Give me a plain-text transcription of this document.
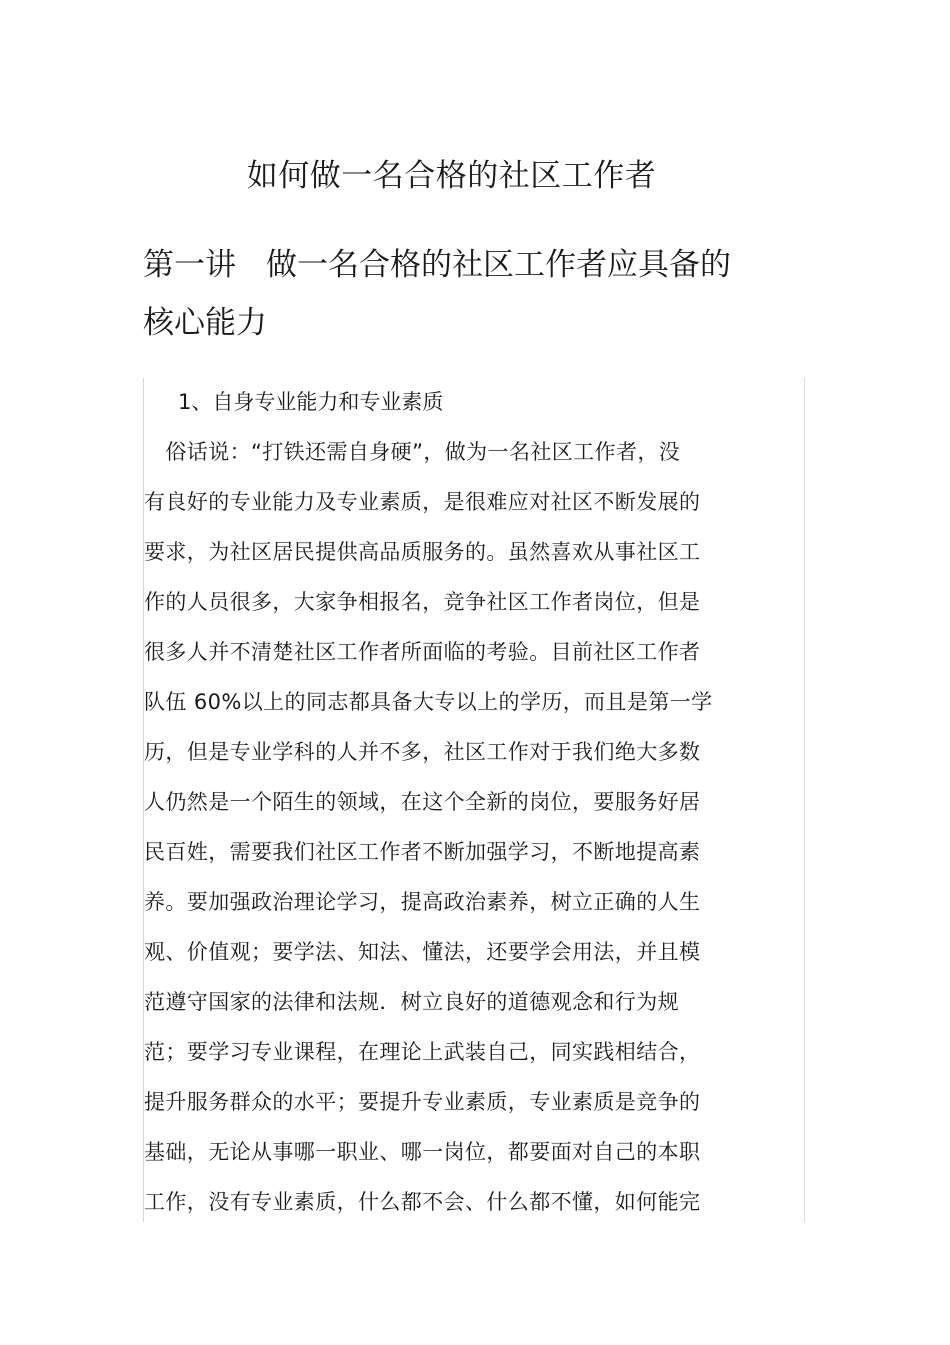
如何做一名合格的社区工作者
第一讲 做一名合格的社区工作者应具备的
核心能力
1、自身专业能力和专业素质
　俗话说：“打铁还需自身硬”，做为一名社区工作者，没
有良好的专业能力及专业素质，是很难应对社区不断发展的
要求，为社区居民提供高品质服务的。虽然喜欢从事社区工
作的人员很多，大家争相报名，竞争社区工作者岗位，但是
很多人并不清楚社区工作者所面临的考验。目前社区工作者
队伍 60%以上的同志都具备大专以上的学历，而且是第一学
历，但是专业学科的人并不多，社区工作对于我们绝大多数
人仍然是一个陌生的领域，在这个全新的岗位，要服务好居
民百姓，需要我们社区工作者不断加强学习，不断地提高素
养。要加强政治理论学习，提高政治素养，树立正确的人生
观、价值观；要学法、知法、懂法，还要学会用法，并且模
范遵守国家的法律和法规．树立良好的道德观念和行为规
范；要学习专业课程，在理论上武装自己，同实践相结合，
提升服务群众的水平；要提升专业素质，专业素质是竞争的
基础，无论从事哪一职业、哪一岗位，都要面对自己的本职
工作，没有专业素质，什么都不会、什么都不懂，如何能完
